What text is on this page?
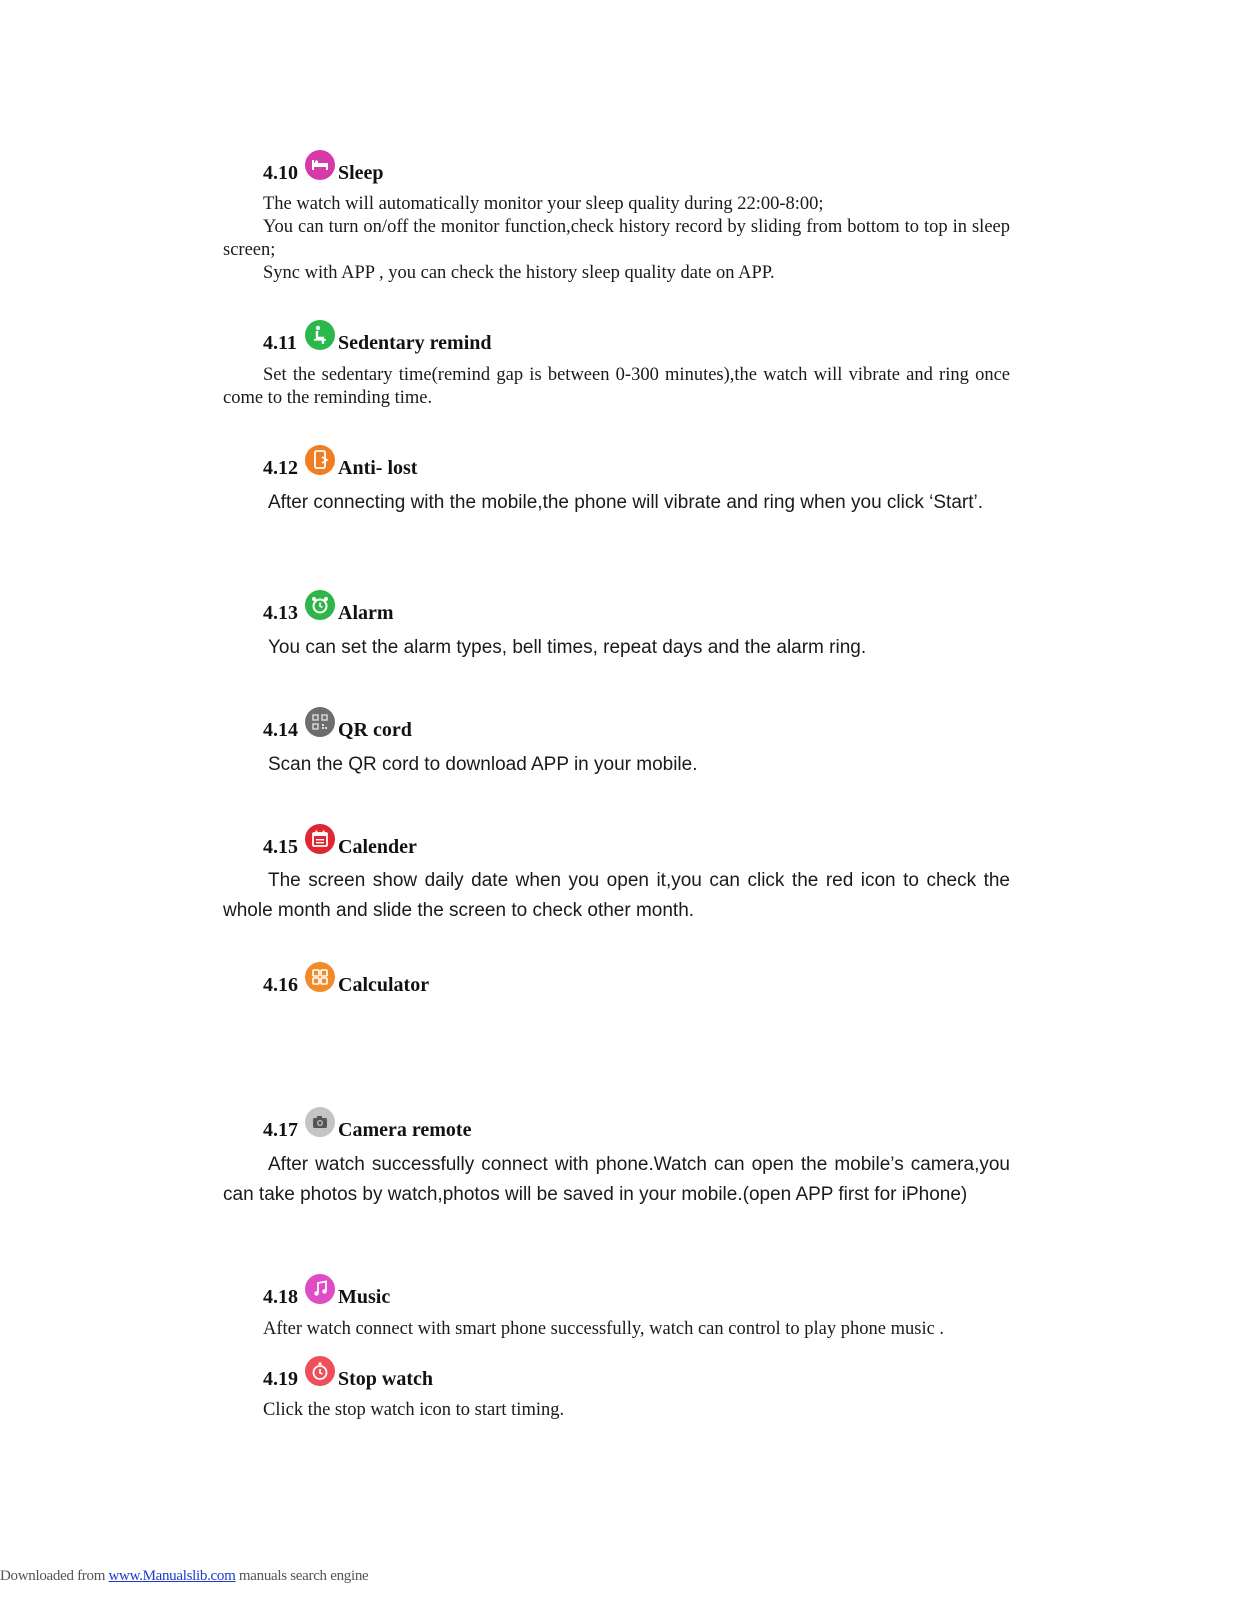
4.10	Sleep

The watch will automatically monitor your sleep quality during 22:00-8:00;

You can turn on/off the monitor function,check history record by sliding from bottom to top in sleep screen;

Sync with APP , you can check the history sleep quality date on APP.

4.11	Sedentary remind

Set the sedentary time(remind gap is between 0-300 minutes),the watch will vibrate and ring once come to the reminding time.

4.12	Anti- lost

After connecting with the mobile,the phone will vibrate and ring when you click ‘Start’.

4.13	Alarm

You can set the alarm types, bell times, repeat days and the alarm ring.

4.14	QR cord

Scan the QR cord to download APP in your mobile.

4.15	Calender

The screen show daily date when you open it,you can click the red icon to check the whole month and slide the screen to check other month.

4.16	Calculator
4.17	Camera remote

After watch successfully connect with phone.Watch can open the mobile’s camera,you can take photos by watch,photos will be saved in your mobile.(open APP first for iPhone)

4.18	Music

After watch connect with smart phone successfully, watch can control to play phone music .

4.19	Stop watch

Click the stop watch icon to start timing.

Downloaded from www.Manualslib.com manuals search engine
